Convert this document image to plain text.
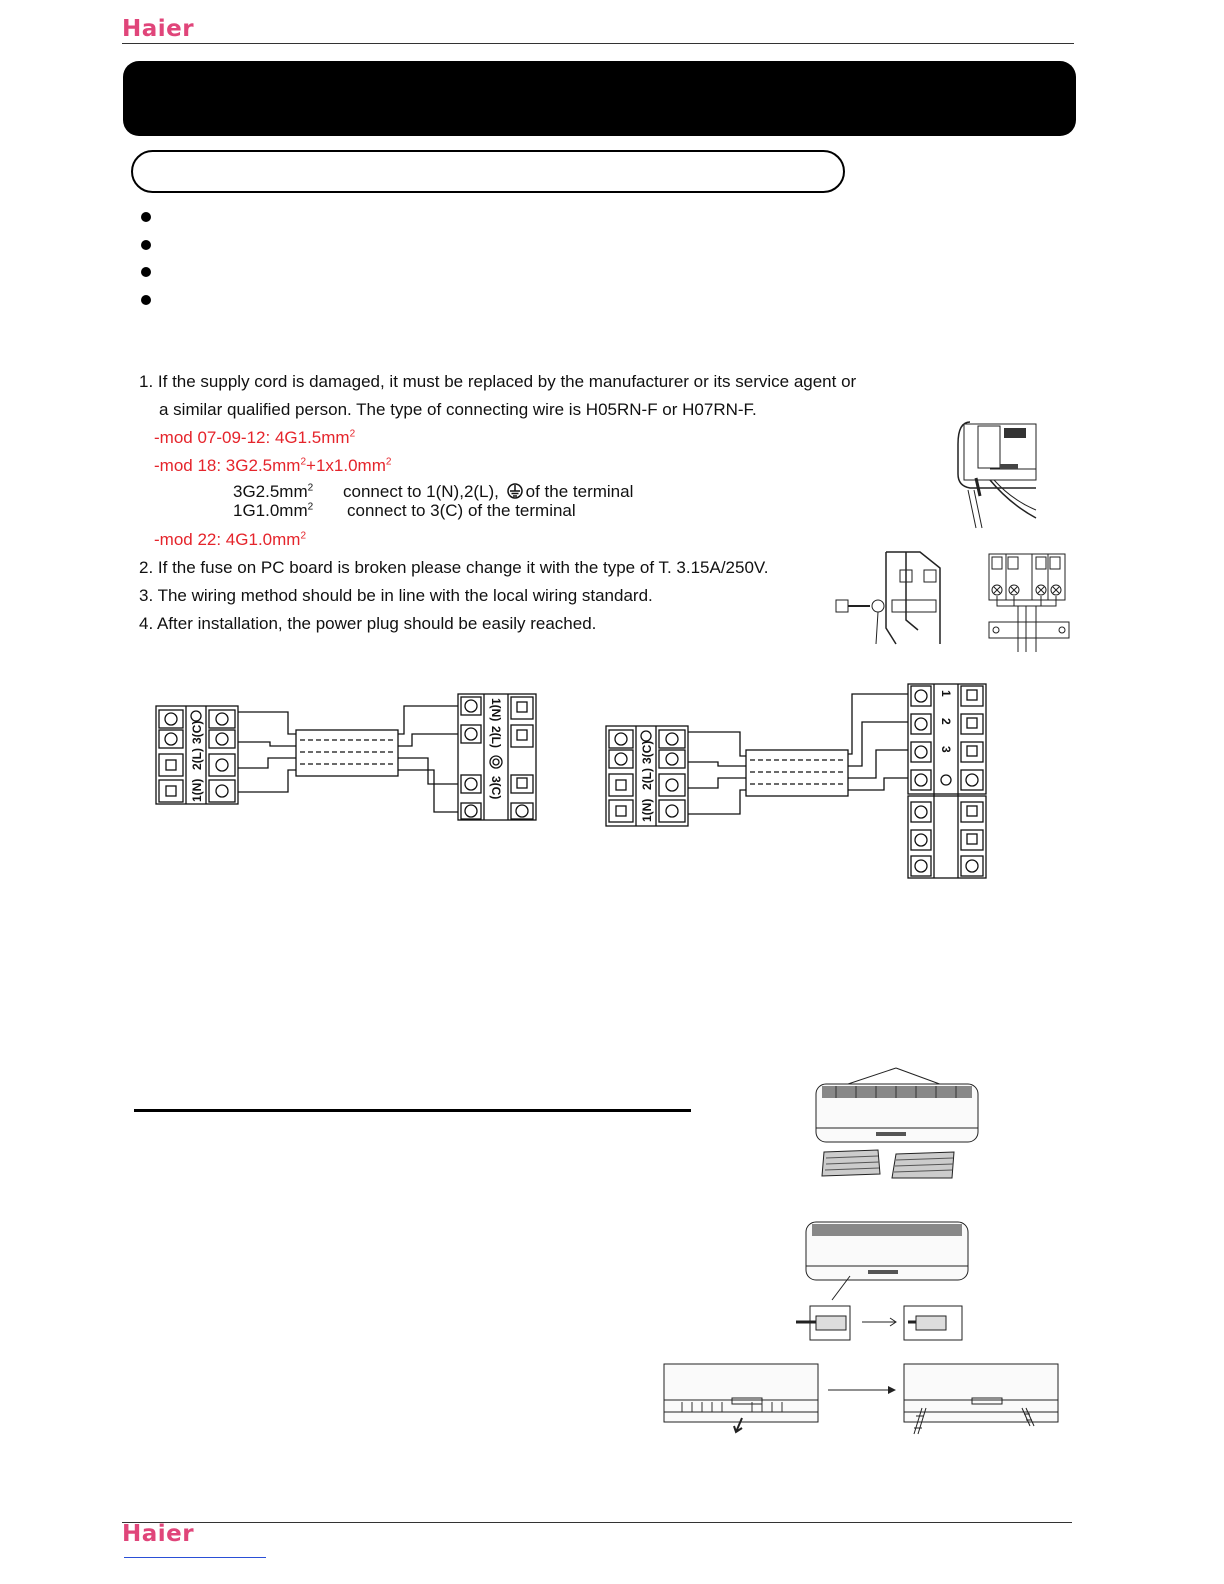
Haier
1. If the supply cord is damaged, it must be replaced by the manufacturer or its service agent or
a similar qualified person. The type of connecting wire is H05RN-F or H07RN-F.
-mod 07-09-12: $4G1.5mm^2$
-mod 18: $3G2.5mm^2+1x1.0mm^2$
$3G2.5mm^2$ connect to 1(N),2(L), of the terminal
$1G1.0mm^2$ connect to 3(C) of the terminal
-mod 22: $4G1.0mm^2$
2. If the fuse on PC board is broken please change it with the type of T. 3.15A/250V.
3. The wiring method should be in line with the local wiring standard.
4. After installation, the power plug should be easily reached.
1(N)
2(L)
3(C)
1(N)
2(L)
3(C)
1(N)
2(L)
3(C)
1
2
3
Haier
